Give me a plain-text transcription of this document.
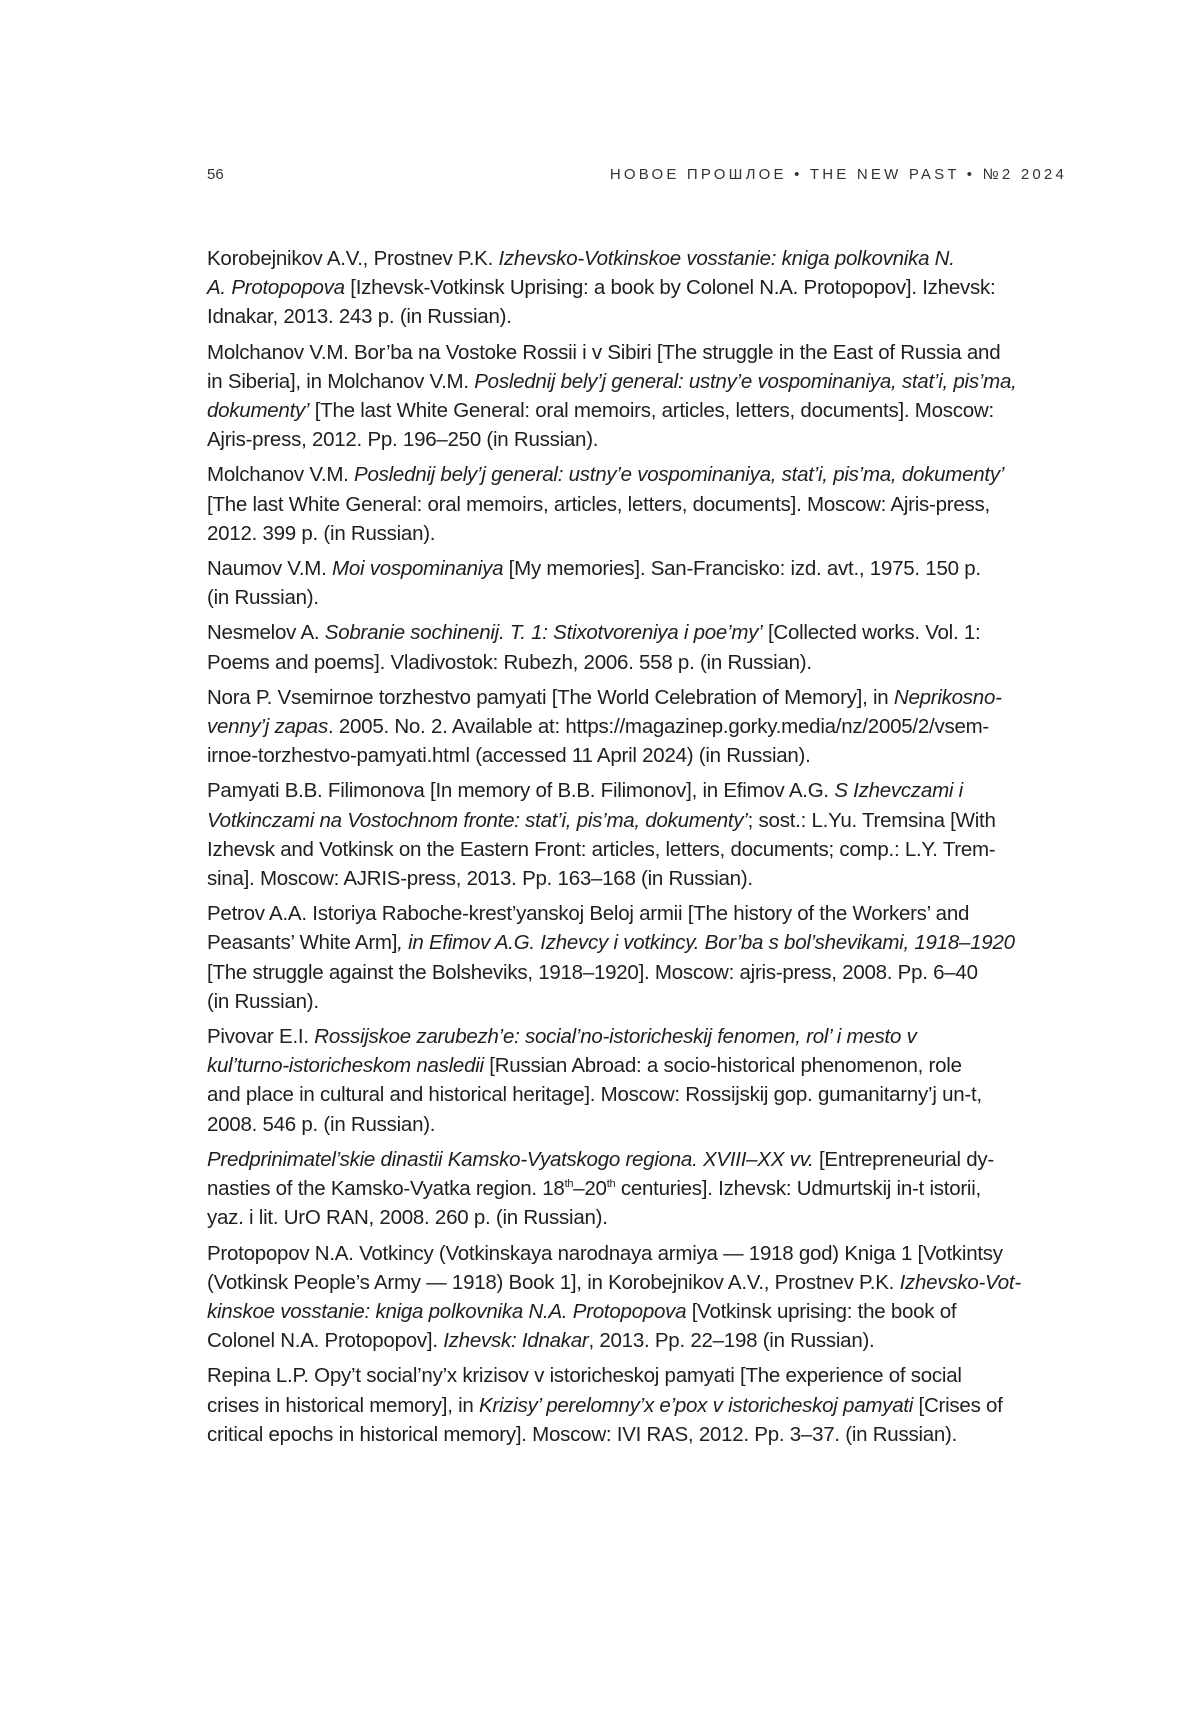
56	НОВОЕ ПРОШЛОЕ • THE NEW PAST • №2 2024

Korobejnikov A.V., Prostnev P.K. Izhevsko-Votkinskoe vosstanie: kniga polkovnika N.
A. Protopopova [Izhevsk-Votkinsk Uprising: a book by Colonel N.A. Protopopov]. Izhevsk:
Idnakar, 2013. 243 p. (in Russian).

Molchanov V.M. Bor’ba na Vostoke Rossii i v Sibiri [The struggle in the East of Russia and
in Siberia], in Molchanov V.M. Poslednij bely’j general: ustny’e vospominaniya, stat’i, pis’ma,
dokumenty’ [The last White General: oral memoirs, articles, letters, documents]. Moscow:
Ajris-press, 2012. Pp. 196–250 (in Russian).

Molchanov V.M. Poslednij bely’j general: ustny’e vospominaniya, stat’i, pis’ma, dokumenty’
[The last White General: oral memoirs, articles, letters, documents]. Moscow: Ajris-press,
2012. 399 p. (in Russian).

Naumov V.M. Moi vospominaniya [My memories]. San-Francisko: izd. avt., 1975. 150 p.
(in Russian).

Nesmelov A. Sobranie sochinenij. T. 1: Stixotvoreniya i poe’my’ [Collected works. Vol. 1:
Poems and poems]. Vladivostok: Rubezh, 2006. 558 p. (in Russian).

Nora P. Vsemirnoe torzhestvo pamyati [The World Celebration of Memory], in Neprikosno-
venny’j zapas. 2005. No. 2. Available at: https://magazinep.gorky.media/nz/2005/2/vsem-
irnoe-torzhestvo-pamyati.html (accessed 11 April 2024) (in Russian).

Pamyati B.B. Filimonova [In memory of B.B. Filimonov], in Efimov A.G. S Izhevczami i
Votkinczami na Vostochnom fronte: stat’i, pis’ma, dokumenty’; sost.: L.Yu. Tremsina [With
Izhevsk and Votkinsk on the Eastern Front: articles, letters, documents; comp.: L.Y. Trem-
sina]. Moscow: AJRIS-press, 2013. Pp. 163–168 (in Russian).

Petrov A.A. Istoriya Raboche-krest’yanskoj Beloj armii [The history of the Workers’ and
Peasants’ White Arm], in Efimov A.G. Izhevcy i votkincy. Bor’ba s bol’shevikami, 1918–1920
[The struggle against the Bolsheviks, 1918–1920]. Moscow: ajris-press, 2008. Pp. 6–40
(in Russian).

Pivovar E.I. Rossijskoe zarubezh’e: social’no-istoricheskij fenomen, rol’ i mesto v
kul’turno-istoricheskom nasledii [Russian Abroad: a socio-historical phenomenon, role
and place in cultural and historical heritage]. Moscow: Rossijskij gop. gumanitarny’j un-t,
2008. 546 p. (in Russian).

Predprinimatel’skie dinastii Kamsko-Vyatskogo regiona. XVIII–XX vv. [Entrepreneurial dy-
nasties of the Kamsko-Vyatka region. 18th–20th centuries]. Izhevsk: Udmurtskij in-t istorii,
yaz. i lit. UrO RAN, 2008. 260 p. (in Russian).

Protopopov N.A. Votkincy (Votkinskaya narodnaya armiya — 1918 god) Kniga 1 [Votkintsy
(Votkinsk People’s Army — 1918) Book 1], in Korobejnikov A.V., Prostnev P.K. Izhevsko-Vot-
kinskoe vosstanie: kniga polkovnika N.A. Protopopova [Votkinsk uprising: the book of
Colonel N.A. Protopopov]. Izhevsk: Idnakar, 2013. Pp. 22–198 (in Russian).

Repina L.P. Opy’t social’ny’x krizisov v istoricheskoj pamyati [The experience of social
crises in historical memory], in Krizisy’ perelomny’x e’pox v istoricheskoj pamyati [Crises of
critical epochs in historical memory]. Moscow: IVI RAS, 2012. Pp. 3–37. (in Russian).
